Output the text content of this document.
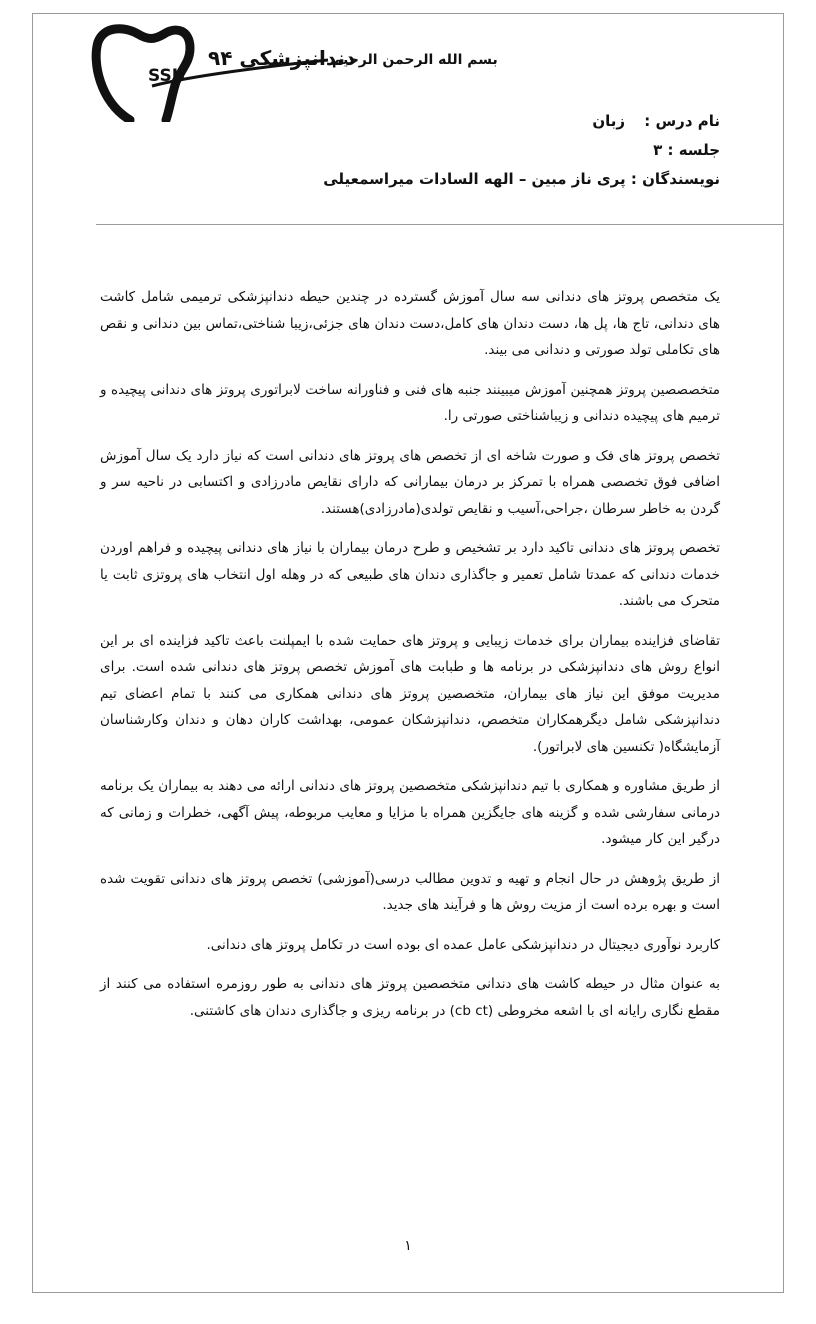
دندانپزشکی ۹۴
SSU
بسم الله الرحمن الرحیم
نام درس : زبان
جلسه : ۳
نویسندگان : پری ناز مبین – الهه السادات میراسمعیلی

یک متخصص پروتز های دندانی سه سال آموزش گسترده در چندین حیطه دندانپزشکی ترمیمی شامل کاشت های دندانی، تاج ها، پل ها، دست دندان های کامل،دست دندان های جزئی،زیبا شناختی،تماس بین دندانی و نقص های تکاملی تولد صورتی و دندانی می بیند.

متخصصصین پروتز همچنین آموزش میبینند جنبه های فنی و فناورانه ساخت لابراتوری پروتز های دندانی پیچیده و ترمیم های پیچیده دندانی و زیباشناختی صورتی را.

تخصص پروتز های فک و صورت شاخه ای از تخصص های پروتز های دندانی است که نیاز دارد یک سال آموزش اضافی فوق تخصصی همراه با تمرکز بر درمان بیمارانی که دارای نقایص مادرزادی و اکتسابی در ناحیه سر و گردن به خاطر سرطان ،جراحی،آسیب و نقایص تولدی(مادرزادی)هستند.

تخصص پروتز های دندانی تاکید دارد بر تشخیص و طرح درمان بیماران با نیاز های دندانی پیچیده و فراهم اوردن خدمات دندانی که عمدتا شامل تعمیر و جاگذاری دندان های طبیعی که در وهله اول انتخاب های پروتزی ثابت یا متحرک می باشند.

تقاضای فزاینده بیماران برای خدمات زیبایی و پروتز های حمایت شده با ایمپلنت باعث تاکید فزاینده ای بر این انواع روش های دندانپزشکی در برنامه ها و طبابت های آموزش تخصص پروتز های دندانی شده است. برای مدیریت موفق این نیاز های بیماران، متخصصین پروتز های دندانی همکاری می کنند با تمام اعضای تیم دندانپزشکی شامل دیگرهمکاران متخصص، دندانپزشکان عمومی، بهداشت کاران دهان و دندان وکارشناسان آزمایشگاه( تکنسین های لابراتور).

از طریق مشاوره و همکاری با تیم دندانپزشکی متخصصین پروتز های دندانی ارائه می دهند به بیماران یک برنامه درمانی سفارشی شده و گزینه های جایگزین همراه با مزایا و معایب مربوطه، پیش آگهی، خطرات و زمانی که درگیر این کار میشود.

از طریق پژوهش در حال انجام و تهیه و تدوین مطالب درسی(آموزشی) تخصص پروتز های دندانی تقویت شده است و بهره برده است از مزیت روش ها و فرآیند های جدید.

کاربرد نوآوری دیجیتال در دندانپزشکی عامل عمده ای بوده است در تکامل پروتز های دندانی.

به عنوان مثال در حیطه کاشت های دندانی متخصصین پروتز های دندانی به طور روزمره استفاده می کنند از مقطع نگاری رایانه ای با اشعه مخروطی (cb ct) در برنامه ریزی و جاگذاری دندان های کاشتنی.

۱
